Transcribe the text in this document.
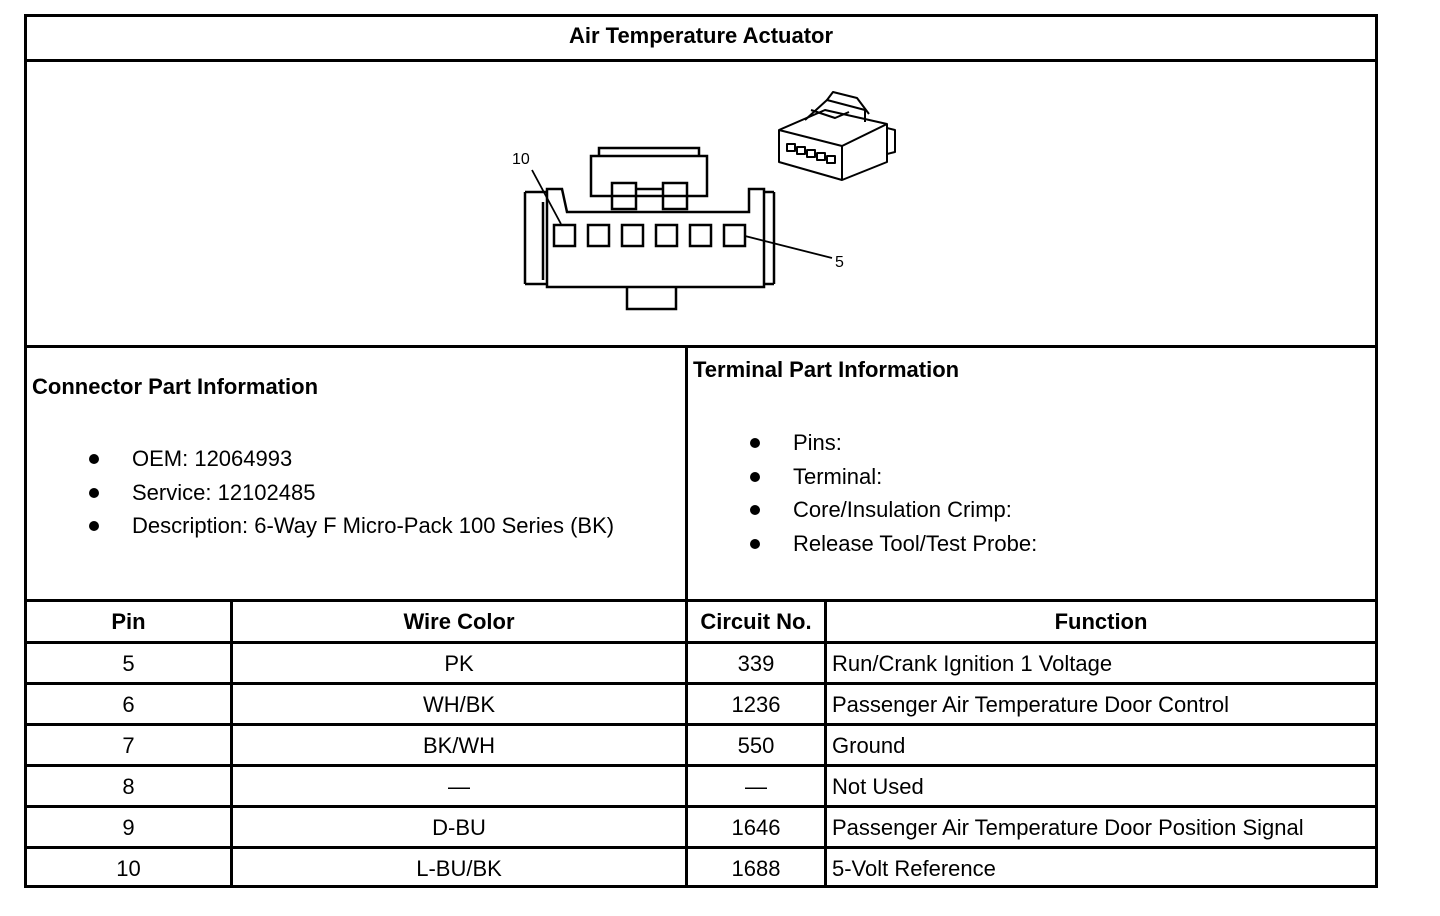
Air Temperature Actuator
10
5
Connector Part Information
OEM: 12064993
Service: 12102485
Description: 6-Way F Micro-Pack 100 Series (BK)
Terminal Part Information
Pins:
Terminal:
Core/Insulation Crimp:
Release Tool/Test Probe:
Pin	Wire Color	Circuit No.	Function
5	PK	339	Run/Crank Ignition 1 Voltage
6	WH/BK	1236	Passenger Air Temperature Door Control
7	BK/WH	550	Ground
8	—	—	Not Used
9	D-BU	1646	Passenger Air Temperature Door Position Signal
10	L-BU/BK	1688	5-Volt Reference
